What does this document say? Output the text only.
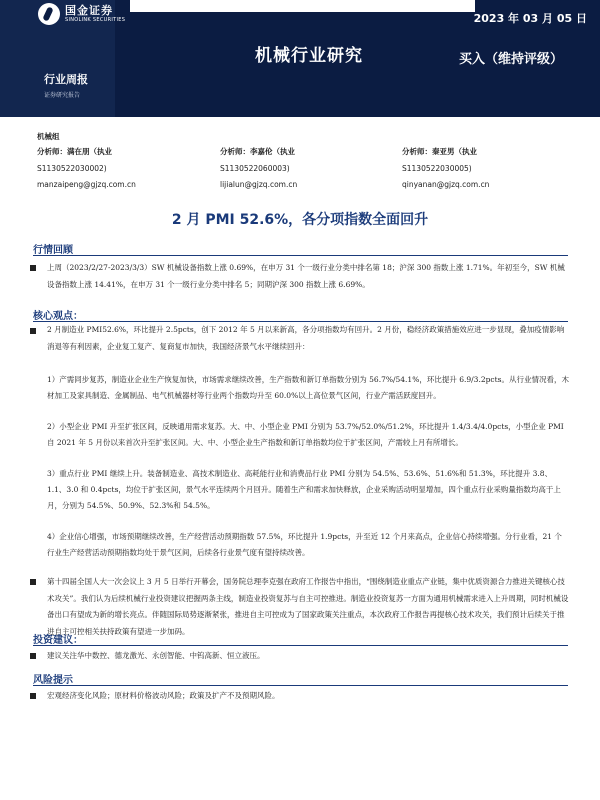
国金证券
SINOLINK SECURITIES	2023 年 03 月 05 日
机械行业研究	买入（维持评级）
行业周报
证券研究报告
机械组
分析师：满在朋（执业
S1130522030002)
manzaipeng@gjzq.com.cn
分析师：李嘉伦（执业
S1130522060003)
lijialun@gjzq.com.cn
分析师：秦亚男（执业
S1130522030005)
qinyanan@gjzq.com.cn
2 月 PMI 52.6%，各分项指数全面回升
行情回顾
上周（2023/2/27-2023/3/3）SW 机械设备指数上涨 0.69%，在申万 31 个一级行业分类中排名第 18；沪深 300 指数上涨 1.71%。年初至今，SW 机械设备指数上涨 14.41%，在申万 31 个一级行业分类中排名 5；同期沪深 300 指数上涨 6.69%。
核心观点：
2 月制造业 PMI52.6%，环比提升 2.5pcts，创下 2012 年 5 月以来新高，各分项指数均有回升。2 月份，稳经济政策措施效应进一步显现，叠加疫情影响消退等有利因素，企业复工复产、复商复市加快，我国经济景气水平继续回升：
1）产需同步复苏，制造业企业生产恢复加快，市场需求继续改善，生产指数和新订单指数分别为 56.7%/54.1%，环比提升 6.9/3.2pcts。从行业情况看，木材加工及家具制造、金属制品、电气机械器材等行业两个指数均升至 60.0%以上高位景气区间，行业产需活跃度回升。
2）小型企业 PMI 升至扩张区间，反映通用需求复苏。大、中、小型企业 PMI 分别为 53.7%/52.0%/51.2%，环比提升 1.4/3.4/4.0pcts，小型企业 PMI 自 2021 年 5 月份以来首次升至扩张区间。大、中、小型企业生产指数和新订单指数均位于扩张区间，产需较上月有所增长。
3）重点行业 PMI 继续上升。装备制造业、高技术制造业、高耗能行业和消费品行业 PMI 分别为 54.5%、53.6%、51.6%和 51.3%，环比提升 3.8、1.1、3.0 和 0.4pcts，均位于扩张区间，景气水平连续两个月回升。随着生产和需求加快释放，企业采购活动明显增加，四个重点行业采购量指数均高于上月，分别为 54.5%、50.9%、52.3%和 54.5%。
4）企业信心增强，市场预期继续改善，生产经营活动预期指数 57.5%，环比提升 1.9pcts，升至近 12 个月来高点，企业信心持续增强。分行业看，21 个行业生产经营活动预期指数均处于景气区间，后续各行业景气度有望持续改善。
第十四届全国人大一次会议上 3 月 5 日举行开幕会，国务院总理李克强在政府工作报告中指出，“围绕制造业重点产业链，集中优质资源合力推进关键核心技术攻关”。我们认为后续机械行业投资建议把握两条主线，制造业投资复苏与自主可控推进。制造业投资复苏一方面为通用机械需求进入上升周期，同时机械设备出口有望成为新的增长亮点。伴随国际局势逐渐紧张，推进自主可控成为了国家政策关注重点，本次政府工作报告再提核心技术攻关，我们预计后续关于推进自主可控相关扶持政策有望进一步加码。
投资建议：
建议关注华中数控、德龙激光、永创智能、中钨高新、恒立液压。
风险提示
宏观经济变化风险；原材料价格波动风险；政策及扩产不及预期风险。
